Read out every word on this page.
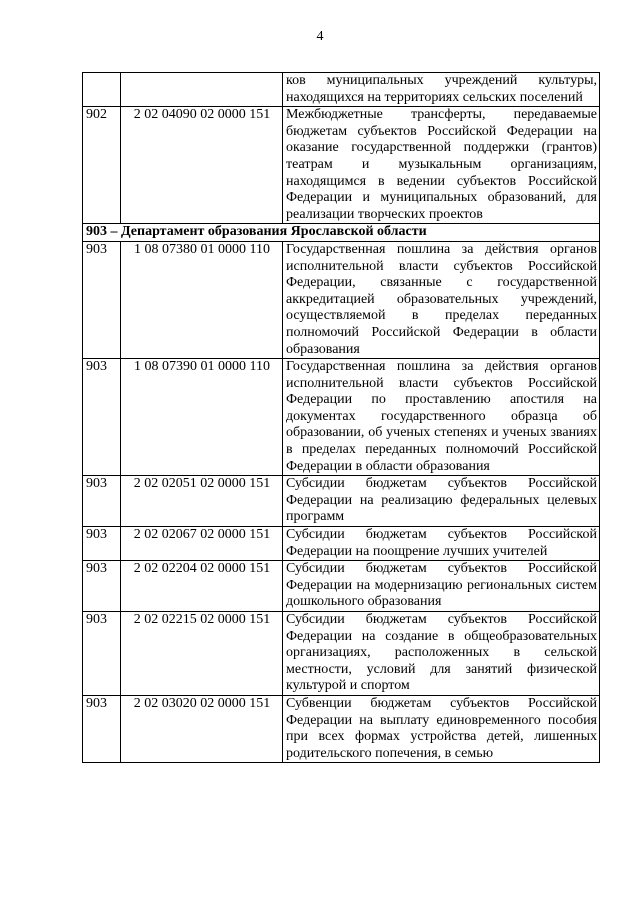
4
		ков муниципальных учреждений культуры, находящихся на территориях сельских поселений
902	2 02 04090 02 0000 151	Межбюджетные трансферты, передаваемые бюджетам субъектов Российской Федерации на оказание государственной поддержки (грантов) театрам и музыкальным организациям, находящимся в ведении субъектов Российской Федерации и муниципальных образований, для реализации творческих проектов
903 – Департамент образования Ярославской области		
903	1 08 07380 01 0000 110	Государственная пошлина за действия органов исполнительной власти субъектов Российской Федерации, связанные с государственной аккредитацией образовательных учреждений, осуществляемой в пределах переданных полномочий Российской Федерации в области образования
903	1 08 07390 01 0000 110	Государственная пошлина за действия органов исполнительной власти субъектов Российской Федерации по проставлению апостиля на документах государственного образца об образовании, об ученых степенях и ученых званиях в пределах переданных полномочий Российской Федерации в области образования
903	2 02 02051 02 0000 151	Субсидии бюджетам субъектов Российской Федерации на реализацию федеральных целевых программ
903	2 02 02067 02 0000 151	Субсидии бюджетам субъектов Российской Федерации на поощрение лучших учителей
903	2 02 02204 02 0000 151	Субсидии бюджетам субъектов Российской Федерации на модернизацию региональных систем дошкольного образования
903	2 02 02215 02 0000 151	Субсидии бюджетам субъектов Российской Федерации на создание в общеобразовательных организациях, расположенных в сельской местности, условий для занятий физической культурой и спортом
903	2 02 03020 02 0000 151	Субвенции бюджетам субъектов Российской Федерации на выплату единовременного пособия при всех формах устройства детей, лишенных родительского попечения, в семью
